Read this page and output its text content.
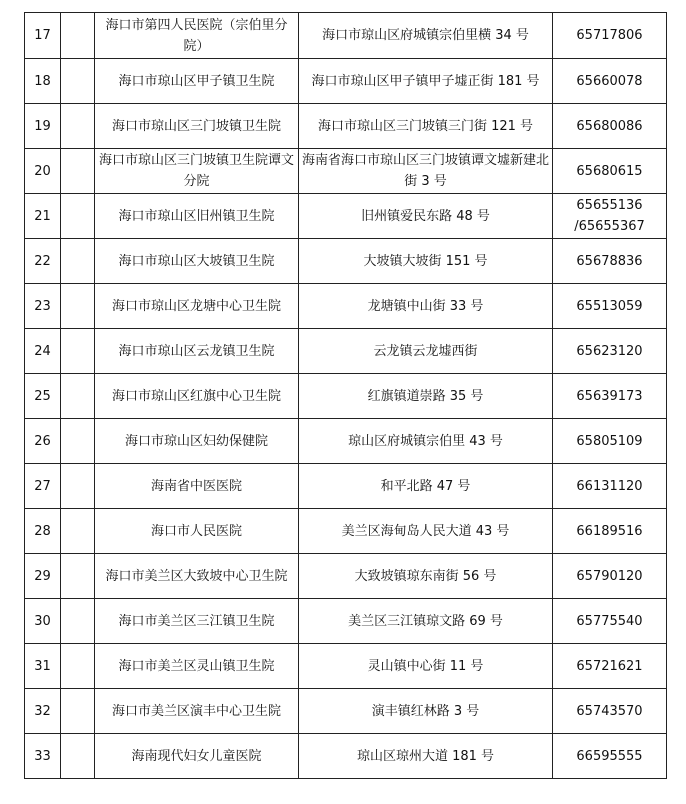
17		海口市第四人民医院（宗伯里分院）	海口市琼山区府城镇宗伯里横 34 号	65717806
18		海口市琼山区甲子镇卫生院	海口市琼山区甲子镇甲子墟正街 181 号	65660078
19		海口市琼山区三门坡镇卫生院	海口市琼山区三门坡镇三门街 121 号	65680086
20		海口市琼山区三门坡镇卫生院谭文分院	海南省海口市琼山区三门坡镇谭文墟新建北街 3 号	65680615
21		海口市琼山区旧州镇卫生院	旧州镇爱民东路 48 号	65655136 /65655367
22		海口市琼山区大坡镇卫生院	大坡镇大坡街 151 号	65678836
23		海口市琼山区龙塘中心卫生院	龙塘镇中山街 33 号	65513059
24		海口市琼山区云龙镇卫生院	云龙镇云龙墟西街	65623120
25		海口市琼山区红旗中心卫生院	红旗镇道崇路 35 号	65639173
26		海口市琼山区妇幼保健院	琼山区府城镇宗伯里 43 号	65805109
27		海南省中医医院	和平北路 47 号	66131120
28		海口市人民医院	美兰区海甸岛人民大道 43 号	66189516
29		海口市美兰区大致坡中心卫生院	大致坡镇琼东南街 56 号	65790120
30		海口市美兰区三江镇卫生院	美兰区三江镇琼文路 69 号	65775540
31		海口市美兰区灵山镇卫生院	灵山镇中心街 11 号	65721621
32		海口市美兰区演丰中心卫生院	演丰镇红林路 3 号	65743570
33		海南现代妇女儿童医院	琼山区琼州大道 181 号	66595555
